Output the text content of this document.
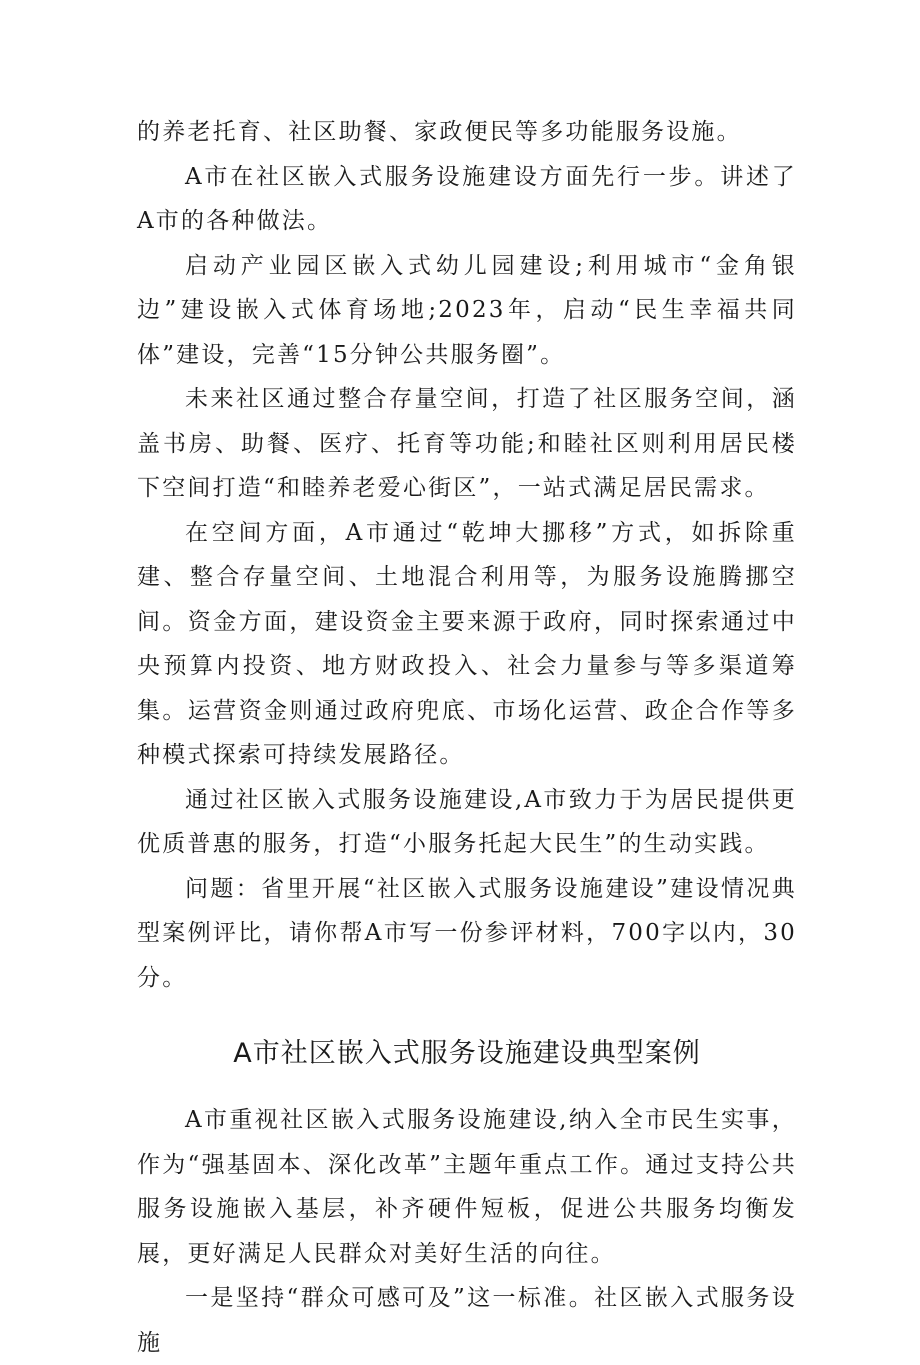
的养老托育、社区助餐、家政便民等多功能服务设施。

A市在社区嵌入式服务设施建设方面先行一步。讲述了A市的各种做法。

启动产业园区嵌入式幼儿园建设;利用城市“金角银边”建设嵌入式体育场地;2023年，启动“民生幸福共同体”建设，完善“15分钟公共服务圈”。

未来社区通过整合存量空间，打造了社区服务空间，涵盖书房、助餐、医疗、托育等功能;和睦社区则利用居民楼下空间打造“和睦养老爱心街区”，一站式满足居民需求。

在空间方面，A市通过“乾坤大挪移”方式，如拆除重建、整合存量空间、土地混合利用等，为服务设施腾挪空间。资金方面，建设资金主要来源于政府，同时探索通过中央预算内投资、地方财政投入、社会力量参与等多渠道筹集。运营资金则通过政府兜底、市场化运营、政企合作等多种模式探索可持续发展路径。

通过社区嵌入式服务设施建设,A市致力于为居民提供更优质普惠的服务，打造“小服务托起大民生”的生动实践。

问题：省里开展“社区嵌入式服务设施建设”建设情况典型案例评比，请你帮A市写一份参评材料，700字以内，30分。

A市社区嵌入式服务设施建设典型案例

A市重视社区嵌入式服务设施建设,纳入全市民生实事，作为“强基固本、深化改革”主题年重点工作。通过支持公共服务设施嵌入基层，补齐硬件短板，促进公共服务均衡发展，更好满足人民群众对美好生活的向往。

一是坚持“群众可感可及”这一标准。社区嵌入式服务设施
